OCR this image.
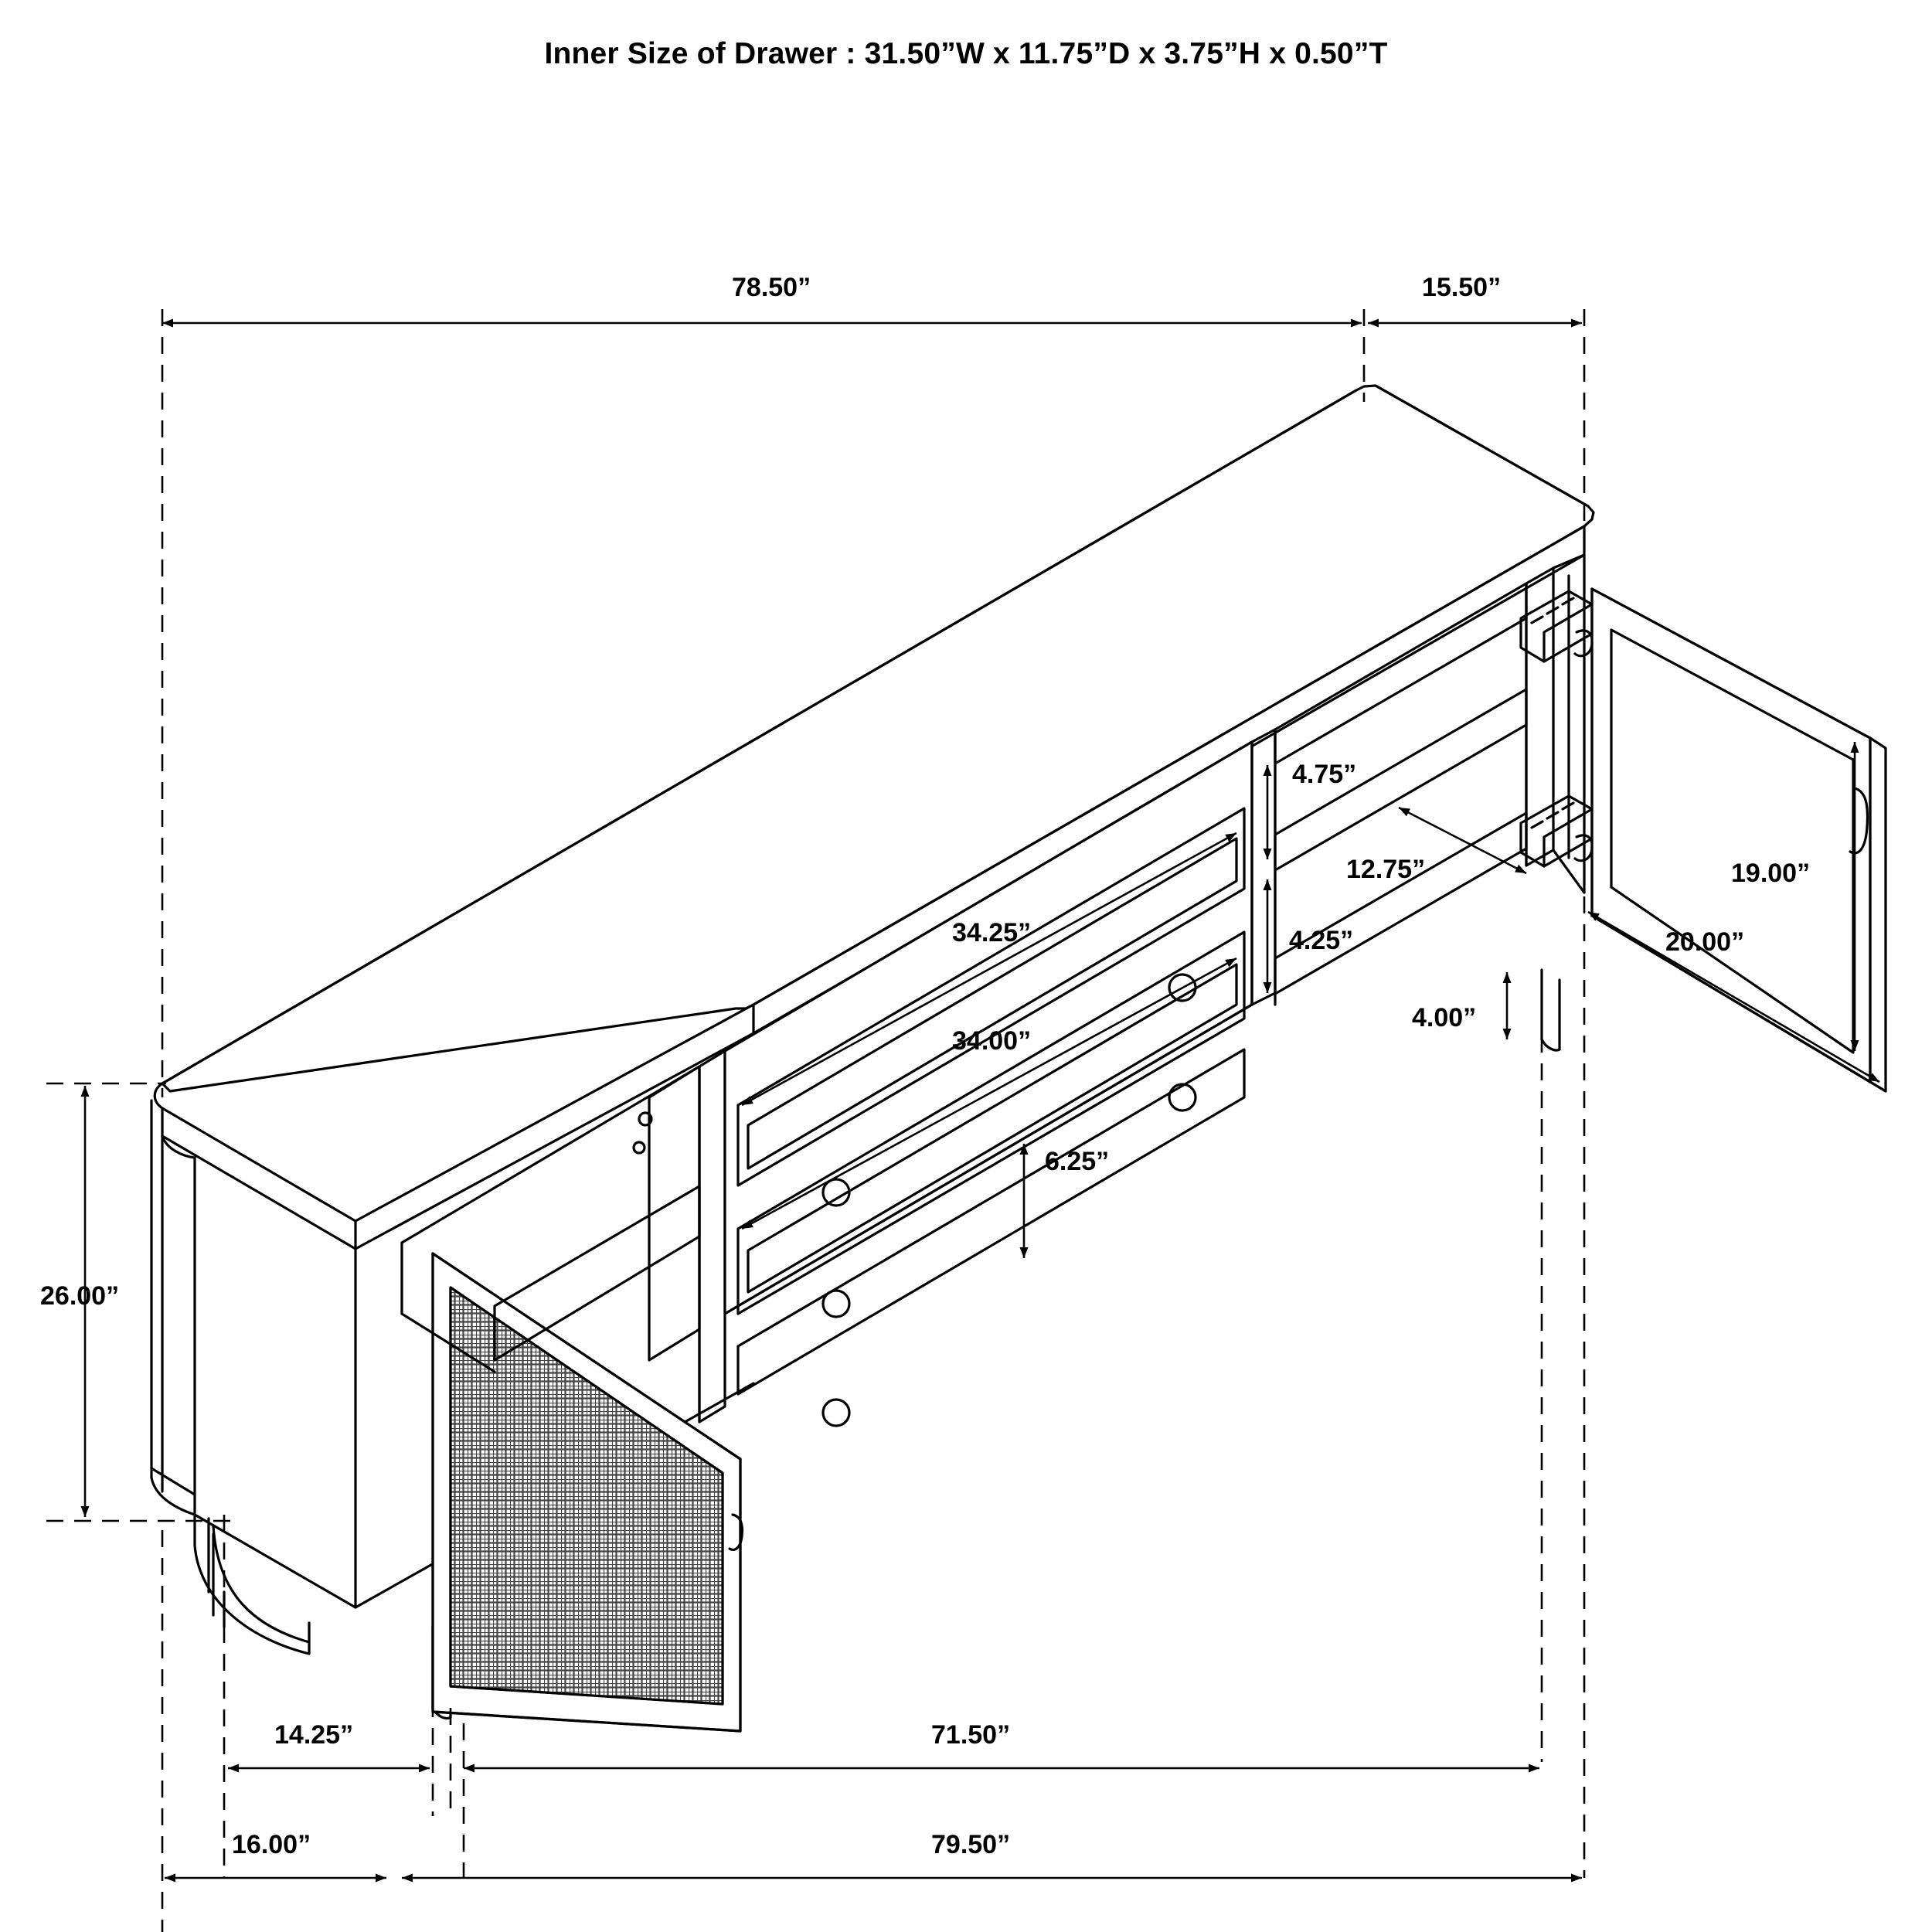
Inner Size of Drawer : 31.50”W x 11.75”D x 3.75”H x 0.50”T
78.50”	15.50”
26.00”
4.75”
12.75”
4.25”
4.00”
34.25”
34.00”
6.25”
19.00”
20.00”
14.25”	71.50”
16.00”	79.50”
